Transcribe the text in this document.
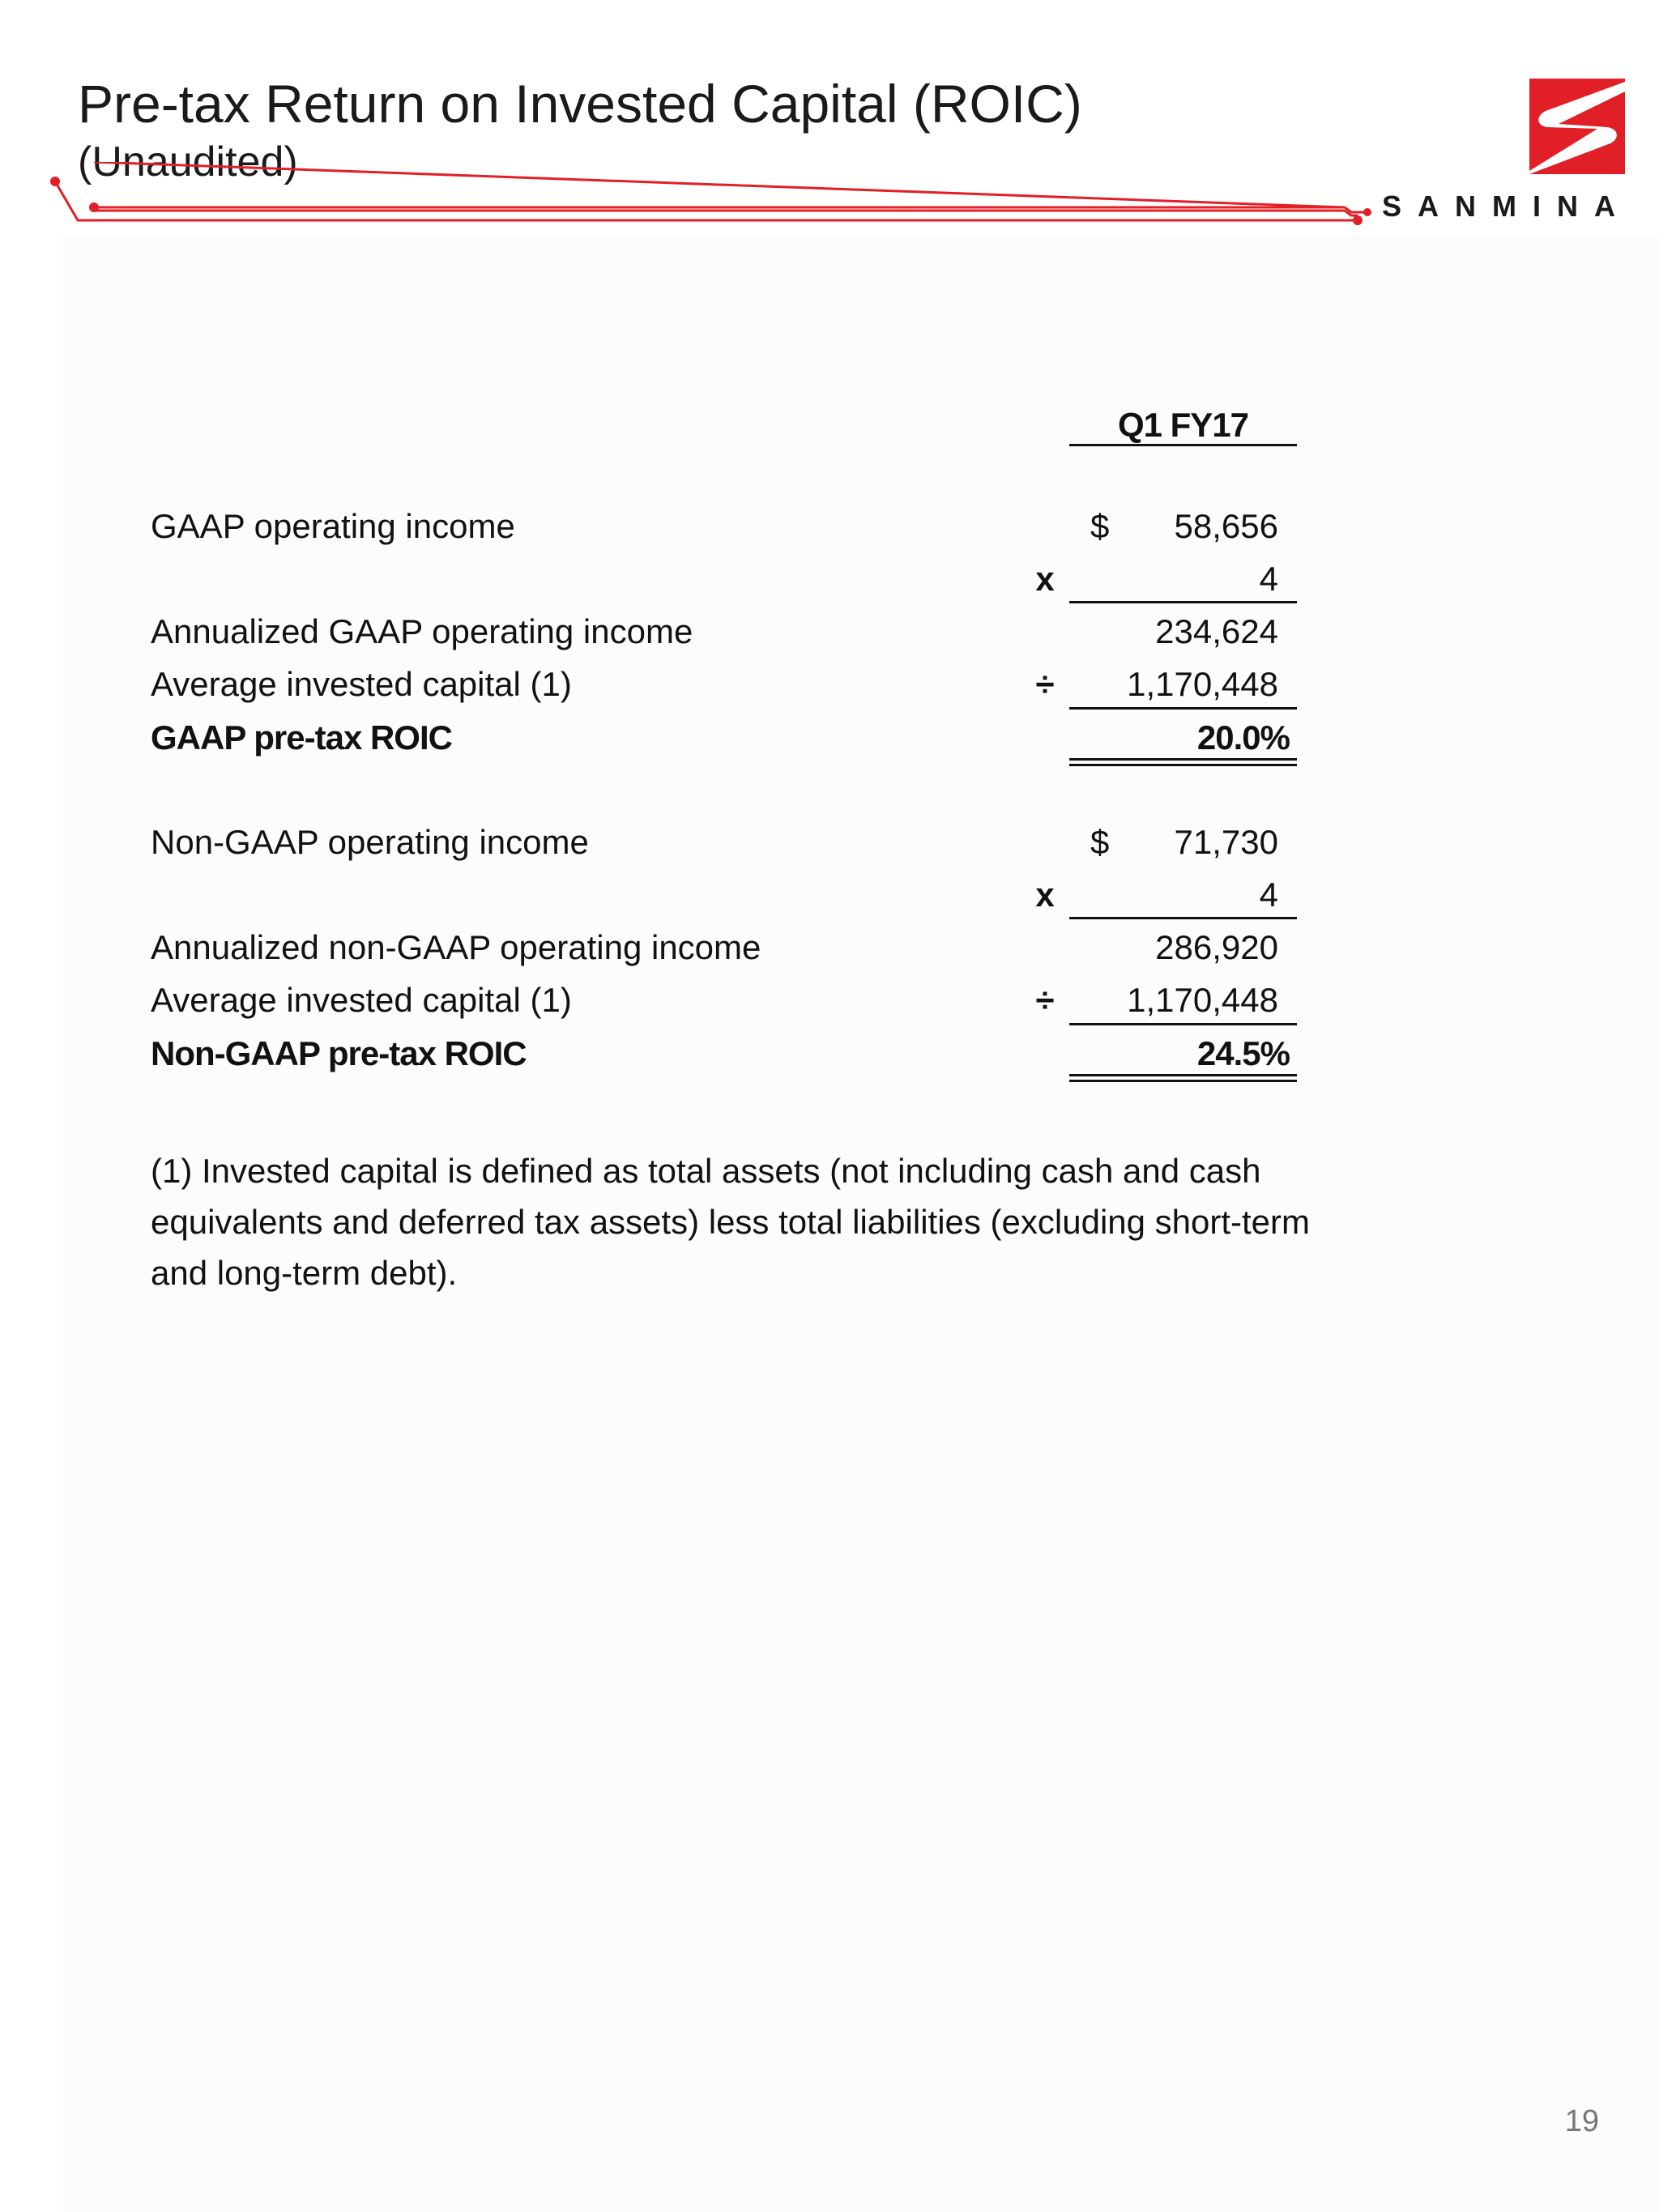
Pre-tax Return on Invested Capital (ROIC)
(Unaudited)
SANMINA
Q1 FY17
GAAP operating income	$ 58,656
x	4
Annualized GAAP operating income	234,624
Average invested capital (1)	÷ 1,170,448
GAAP pre-tax ROIC	20.0%
Non-GAAP operating income	$ 71,730
x	4
Annualized non-GAAP operating income	286,920
Average invested capital (1)	÷ 1,170,448
Non-GAAP pre-tax ROIC	24.5%
(1) Invested capital is defined as total assets (not including cash and cash equivalents and deferred tax assets) less total liabilities (excluding short-term and long-term debt).
19
